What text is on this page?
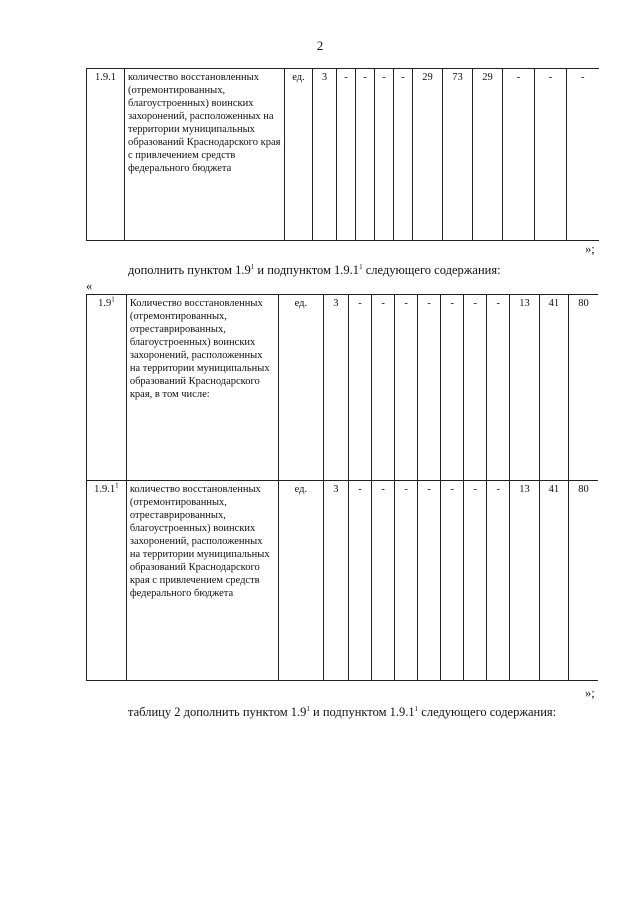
2
1.9.1	количество восстановленных (отремонтированных, благоустроенных) воинских захоронений, расположенных на территории муниципальных образований Краснодарского края с привлечением средств федерального бюджета	ед.	3	-	-	-	-	29	73	29	-	-	-
»;
дополнить пунктом $1.9^1$ и подпунктом 1.9.1$^1$ следующего содержания:
«
$1.9^1$	Количество восстановленных (отремонтированных, отреставрированных, благоустроенных) воинских захоронений, расположенных на территории муниципальных образований Краснодарского края, в том числе:	ед.	3	-	-	-	-	-	-	-	13	41	80
1.9.1$^1$	количество восстановленных (отремонтированных, отреставрированных, благоустроенных) воинских захоронений, расположенных на территории муниципальных образований Краснодарского края с привлечением средств федерального бюджета	ед.	3	-	-	-	-	-	-	-	13	41	80
»;
таблицу 2 дополнить пунктом $1.9^1$ и подпунктом 1.9.1$^1$ следующего содержания:
